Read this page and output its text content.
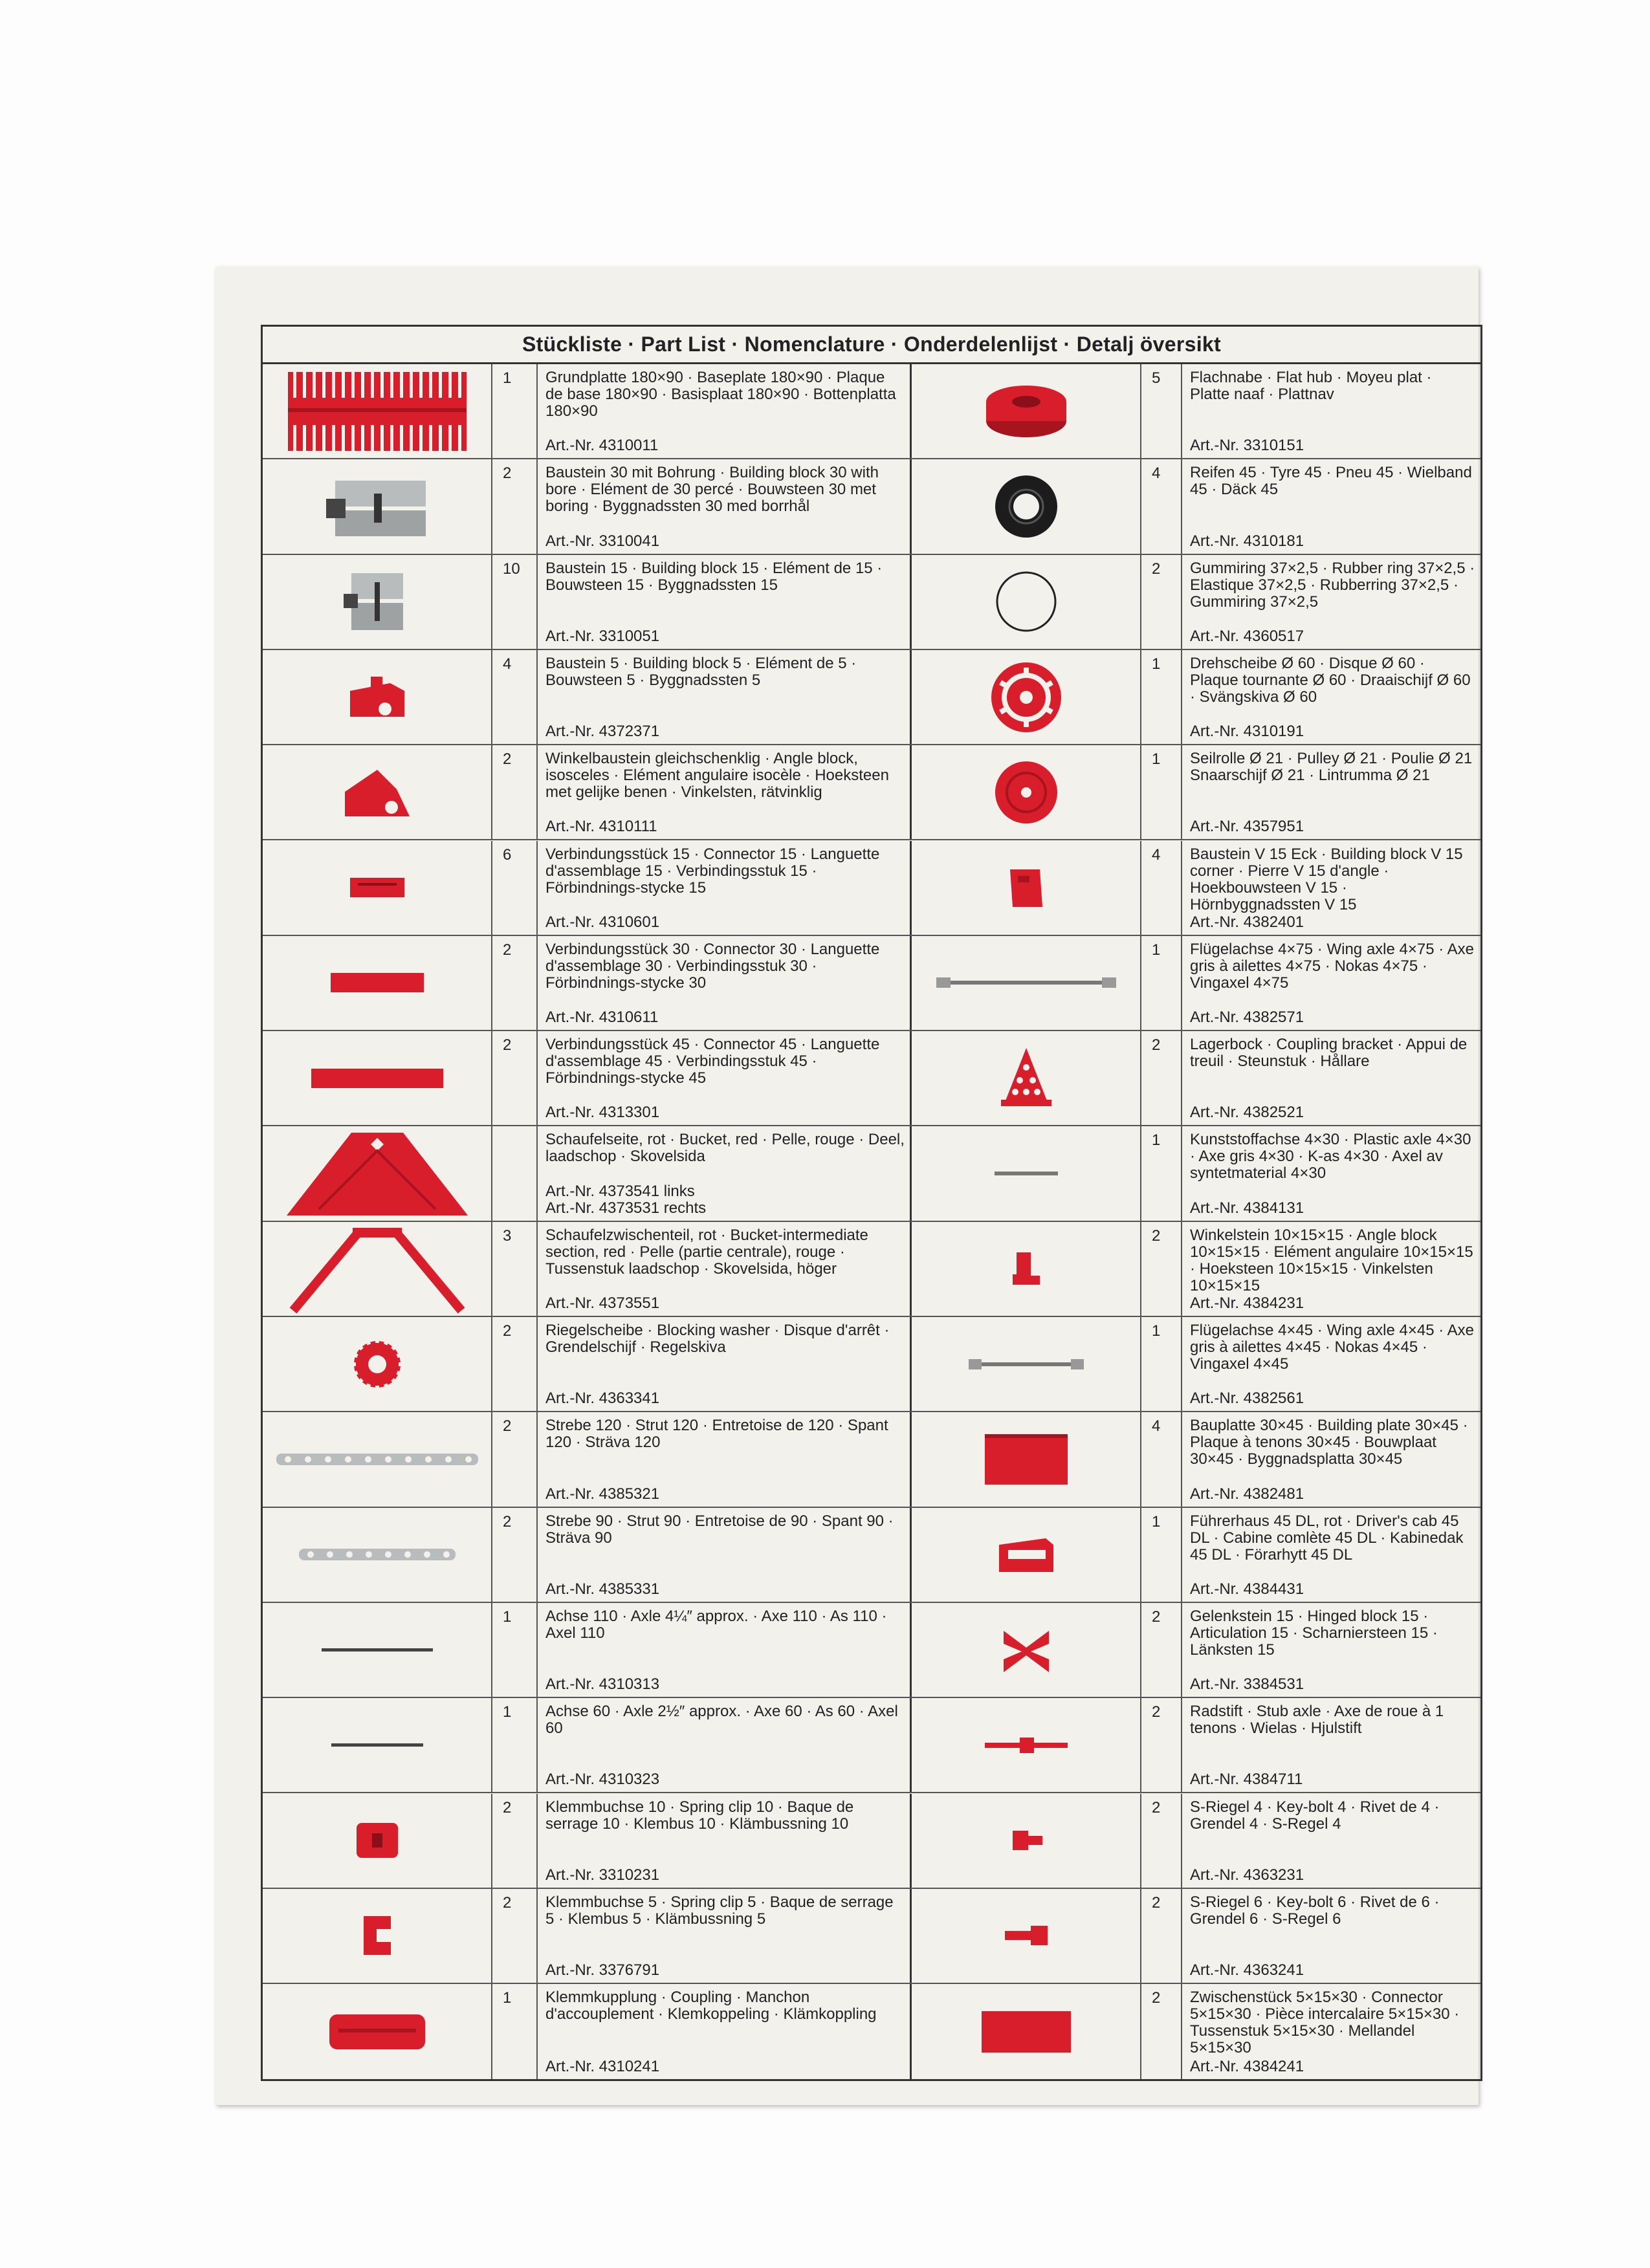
Stückliste · Part List · Nomenclature · Onderdelenlijst · Detalj översikt
1	Grundplatte 180×90 · Baseplate 180×90 · Plaque de base 180×90 · Basisplaat 180×90 · Bottenplatta 180×90
Art.-Nr. 4310011
5	Flachnabe · Flat hub · Moyeu plat · Platte naaf · Plattnav
Art.-Nr. 3310151
2	Baustein 30 mit Bohrung · Building block 30 with bore · Elément de 30 percé · Bouwsteen 30 met boring · Byggnadssten 30 med borrhål
Art.-Nr. 3310041
4	Reifen 45 · Tyre 45 · Pneu 45 · Wielband 45 · Däck 45
Art.-Nr. 4310181
10	Baustein 15 · Building block 15 · Elément de 15 · Bouwsteen 15 · Byggnadssten 15
Art.-Nr. 3310051
2	Gummiring 37×2,5 · Rubber ring 37×2,5 · Elastique 37×2,5 · Rubberring 37×2,5 · Gummiring 37×2,5
Art.-Nr. 4360517
4	Baustein 5 · Building block 5 · Elément de 5 · Bouwsteen 5 · Byggnadssten 5
Art.-Nr. 4372371
1	Drehscheibe Ø 60 · Disque Ø 60 · Plaque tournante Ø 60 · Draaischijf Ø 60 · Svängskiva Ø 60
Art.-Nr. 4310191
2	Winkelbaustein gleichschenklig · Angle block, isosceles · Elément angulaire isocèle · Hoeksteen met gelijke benen · Vinkelsten, rätvinklig
Art.-Nr. 4310111
1	Seilrolle Ø 21 · Pulley Ø 21 · Poulie Ø 21 Snaarschijf Ø 21 · Lintrumma Ø 21
Art.-Nr. 4357951
6	Verbindungsstück 15 · Connector 15 · Languette d'assemblage 15 · Verbindingsstuk 15 · Förbindnings-stycke 15
Art.-Nr. 4310601
4	Baustein V 15 Eck · Building block V 15 corner · Pierre V 15 d'angle · Hoekbouwsteen V 15 · Hörnbyggnadssten V 15
Art.-Nr. 4382401
2	Verbindungsstück 30 · Connector 30 · Languette d'assemblage 30 · Verbindingsstuk 30 · Förbindnings-stycke 30
Art.-Nr. 4310611
1	Flügelachse 4×75 · Wing axle 4×75 · Axe gris à ailettes 4×75 · Nokas 4×75 · Vingaxel 4×75
Art.-Nr. 4382571
2	Verbindungsstück 45 · Connector 45 · Languette d'assemblage 45 · Verbindingsstuk 45 · Förbindnings-stycke 45
Art.-Nr. 4313301
2	Lagerbock · Coupling bracket · Appui de treuil · Steunstuk · Hållare
Art.-Nr. 4382521
Schaufelseite, rot · Bucket, red · Pelle, rouge · Deel, laadschop · Skovelsida
Art.-Nr. 4373541 links
Art.-Nr. 4373531 rechts
1	Kunststoffachse 4×30 · Plastic axle 4×30 · Axe gris 4×30 · K-as 4×30 · Axel av syntetmaterial 4×30
Art.-Nr. 4384131
3	Schaufelzwischenteil, rot · Bucket-intermediate section, red · Pelle (partie centrale), rouge · Tussenstuk laadschop · Skovelsida, höger
Art.-Nr. 4373551
2	Winkelstein 10×15×15 · Angle block 10×15×15 · Elément angulaire 10×15×15 · Hoeksteen 10×15×15 · Vinkelsten 10×15×15
Art.-Nr. 4384231
2	Riegelscheibe · Blocking washer · Disque d'arrêt · Grendelschijf · Regelskiva
Art.-Nr. 4363341
1	Flügelachse 4×45 · Wing axle 4×45 · Axe gris à ailettes 4×45 · Nokas 4×45 · Vingaxel 4×45
Art.-Nr. 4382561
2	Strebe 120 · Strut 120 · Entretoise de 120 · Spant 120 · Sträva 120
Art.-Nr. 4385321
4	Bauplatte 30×45 · Building plate 30×45 · Plaque à tenons 30×45 · Bouwplaat 30×45 · Byggnadsplatta 30×45
Art.-Nr. 4382481
2	Strebe 90 · Strut 90 · Entretoise de 90 · Spant 90 · Sträva 90
Art.-Nr. 4385331
1	Führerhaus 45 DL, rot · Driver's cab 45 DL · Cabine comlète 45 DL · Kabinedak 45 DL · Förarhytt 45 DL
Art.-Nr. 4384431
1	Achse 110 · Axle 4¼″ approx. · Axe 110 · As 110 · Axel 110
Art.-Nr. 4310313
2	Gelenkstein 15 · Hinged block 15 · Articulation 15 · Scharniersteen 15 · Länksten 15
Art.-Nr. 3384531
1	Achse 60 · Axle 2½″ approx. · Axe 60 · As 60 · Axel 60
Art.-Nr. 4310323
2	Radstift · Stub axle · Axe de roue à 1 tenons · Wielas · Hjulstift
Art.-Nr. 4384711
2	Klemmbuchse 10 · Spring clip 10 · Baque de serrage 10 · Klembus 10 · Klämbussning 10
Art.-Nr. 3310231
2	S-Riegel 4 · Key-bolt 4 · Rivet de 4 · Grendel 4 · S-Regel 4
Art.-Nr. 4363231
2	Klemmbuchse 5 · Spring clip 5 · Baque de serrage 5 · Klembus 5 · Klämbussning 5
Art.-Nr. 3376791
2	S-Riegel 6 · Key-bolt 6 · Rivet de 6 · Grendel 6 · S-Regel 6
Art.-Nr. 4363241
1	Klemmkupplung · Coupling · Manchon d'accouplement · Klemkoppeling · Klämkoppling
Art.-Nr. 4310241
2	Zwischenstück 5×15×30 · Connector 5×15×30 · Pièce intercalaire 5×15×30 · Tussenstuk 5×15×30 · Mellandel 5×15×30
Art.-Nr. 4384241
